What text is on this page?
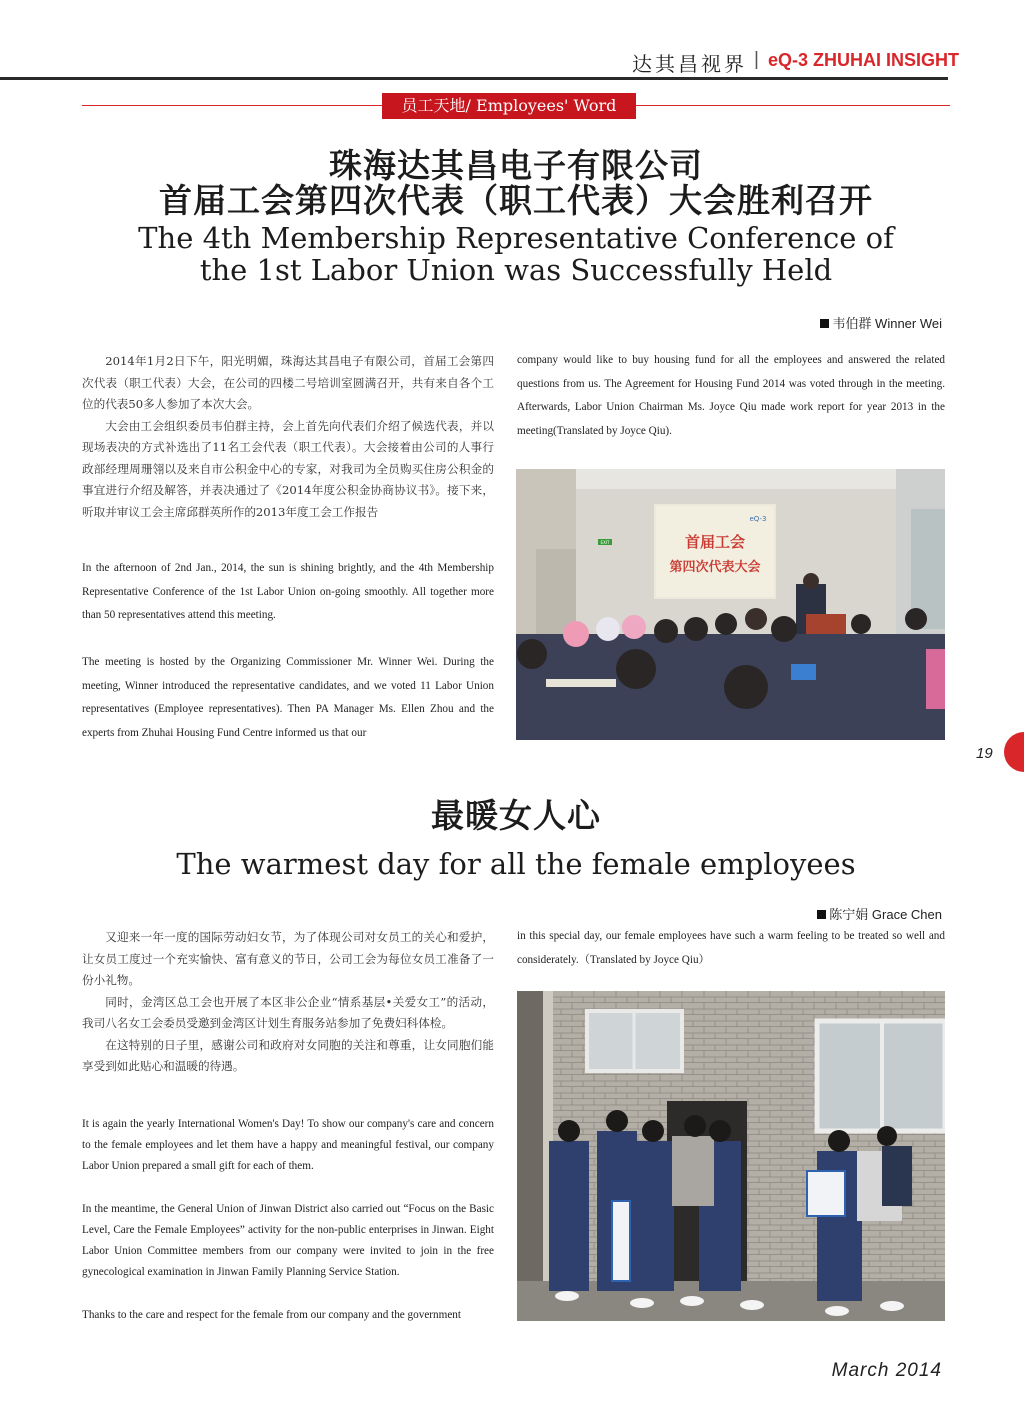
达其昌视界 | eQ-3 ZHUHAI INSIGHT
员工天地/ Employees' Word
珠海达其昌电子有限公司
首届工会第四次代表（职工代表）大会胜利召开
The 4th Membership Representative Conference of
the 1st Labor Union was Successfully Held
韦伯群 Winner Wei

2014年1月2日下午，阳光明媚，珠海达其昌电子有限公司，首届工会第四次代表（职工代表）大会，在公司的四楼二号培训室圆满召开，共有来自各个工位的代表50多人参加了本次大会。

大会由工会组织委员韦伯群主持，会上首先向代表们介绍了候选代表，并以现场表决的方式补选出了11名工会代表（职工代表）。大会接着由公司的人事行政部经理周珊翎以及来自市公积金中心的专家，对我司为全员购买住房公积金的事宜进行介绍及解答，并表决通过了《2014年度公积金协商协议书》。接下来，听取并审议工会主席邱群英所作的2013年度工会工作报告

In the afternoon of 2nd Jan., 2014, the sun is shining brightly, and the 4th Membership Representative Conference of the 1st Labor Union on-going smoothly. All together more than 50 representatives attend this meeting.

The meeting is hosted by the Organizing Commissioner Mr. Winner Wei. During the meeting, Winner introduced the representative candidates, and we voted 11 Labor Union representatives (Employee representatives). Then PA Manager Ms. Ellen Zhou and the experts from Zhuhai Housing Fund Centre informed us that our

company would like to buy housing fund for all the employees and answered the related questions from us. The Agreement for Housing Fund 2014 was voted through in the meeting. Afterwards, Labor Union Chairman Ms. Joyce Qiu made work report for year 2013 in the meeting(Translated by Joyce Qiu).

首届工会
第四次代表大会
eQ-3
EXIT
19
最暖女人心
The warmest day for all the female employees
陈宁娟 Grace Chen

又迎来一年一度的国际劳动妇女节，为了体现公司对女员工的关心和爱护，让女员工度过一个充实愉快、富有意义的节日，公司工会为每位女员工准备了一份小礼物。

同时，金湾区总工会也开展了本区非公企业“情系基层•关爱女工”的活动，我司八名女工会委员受邀到金湾区计划生育服务站参加了免费妇科体检。

在这特别的日子里，感谢公司和政府对女同胞的关注和尊重，让女同胞们能享受到如此贴心和温暖的待遇。

It is again the yearly International Women's Day! To show our company's care and concern to the female employees and let them have a happy and meaningful festival, our company Labor Union prepared a small gift for each of them.

In the meantime, the General Union of Jinwan District also carried out “Focus on the Basic Level, Care the Female Employees” activity for the non-public enterprises in Jinwan. Eight Labor Union Committee members from our company were invited to join in the free gynecological examination in Jinwan Family Planning Service Station.

Thanks to the care and respect for the female from our company and the government

in this special day, our female employees have such a warm feeling to be treated so well and considerately.（Translated by Joyce Qiu）

March 2014
